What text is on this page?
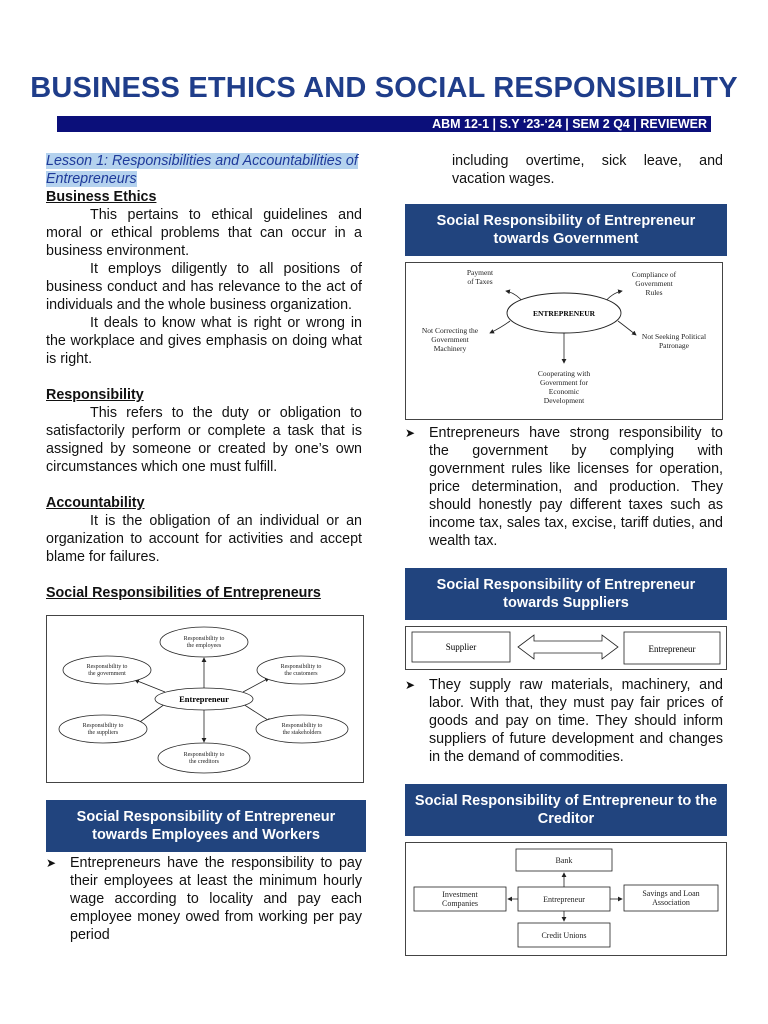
BUSINESS ETHICS AND SOCIAL RESPONSIBILITY
ABM 12-1 | S.Y ‘23-‘24 | SEM 2 Q4 | REVIEWER
Lesson 1: Responsibilities and Accountabilities of Entrepreneurs
Business Ethics

This pertains to ethical guidelines and moral or ethical problems that can occur in a business environment.

It employs diligently to all positions of business conduct and has relevance to the act of individuals and the whole business organization.

It deals to know what is right or wrong in the workplace and gives emphasis on doing what is right.

Responsibility

This refers to the duty or obligation to satisfactorily perform or complete a task that is assigned by someone or created by one’s own circumstances which one must fulfill.

Accountability

It is the obligation of an individual or an organization to account for activities and accept blame for failures.

Social Responsibilities of Entrepreneurs
Entrepreneur
Responsibility to
the employees
Responsibility to
the government
Responsibility to
the customers
Responsibility to
the suppliers
Responsibility to
the stakeholders
Responsibility to
the creditors
Social Responsibility of Entrepreneur towards Employees and Workers
➤ Entrepreneurs have the responsibility to pay their employees at least the minimum hourly wage according to locality and pay each employee money owed from working per pay period

including overtime, sick leave, and vacation wages.

Social Responsibility of Entrepreneur towards Government
ENTREPRENEUR
Payment
of Taxes
Compliance of
Government
Rules
Not Correcting the
Government
Machinery
Not Seeking Political
Patronage
Cooperating with
Government for
Economic
Development
➤ Entrepreneurs have strong responsibility to the government by complying with government rules like licenses for operation, price determination, and production. They should honestly pay different taxes such as income tax, sales tax, excise, tariff duties, and wealth tax.

Social Responsibility of Entrepreneur towards Suppliers
Supplier	Entrepreneur
➤ They supply raw materials, machinery, and labor. With that, they must pay fair prices of goods and pay on time. They should inform suppliers of future development and changes in the demand of commodities.

Social Responsibility of Entrepreneur to the Creditor
Bank
Entrepreneur
Investment
Companies
Savings and Loan
Association
Credit Unions
